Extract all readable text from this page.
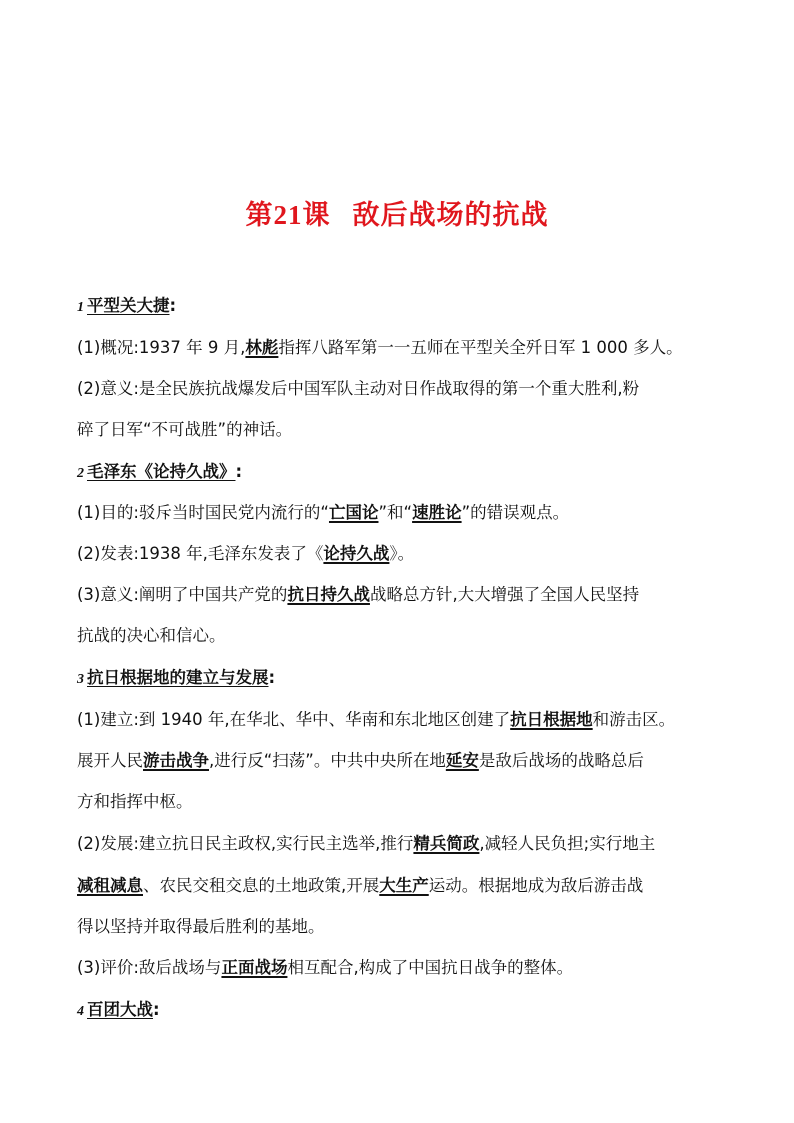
第21课 敌后战场的抗战
1 平型关大捷:
(1)概况:1937 年 9 月,林彪指挥八路军第一一五师在平型关全歼日军 1 000 多人。
(2)意义:是全民族抗战爆发后中国军队主动对日作战取得的第一个重大胜利,粉
碎了日军“不可战胜”的神话。
2 毛泽东《论持久战》:
(1)目的:驳斥当时国民党内流行的“亡国论”和“速胜论”的错误观点。
(2)发表:1938 年,毛泽东发表了《论持久战》。
(3)意义:阐明了中国共产党的抗日持久战战略总方针,大大增强了全国人民坚持
抗战的决心和信心。
3 抗日根据地的建立与发展:
(1)建立:到 1940 年,在华北、华中、华南和东北地区创建了抗日根据地和游击区。
展开人民游击战争,进行反“扫荡”。中共中央所在地延安是敌后战场的战略总后
方和指挥中枢。
(2)发展:建立抗日民主政权,实行民主选举,推行精兵简政,减轻人民负担;实行地主
减租减息、农民交租交息的土地政策,开展大生产运动。根据地成为敌后游击战
得以坚持并取得最后胜利的基地。
(3)评价:敌后战场与正面战场相互配合,构成了中国抗日战争的整体。
4 百团大战:
